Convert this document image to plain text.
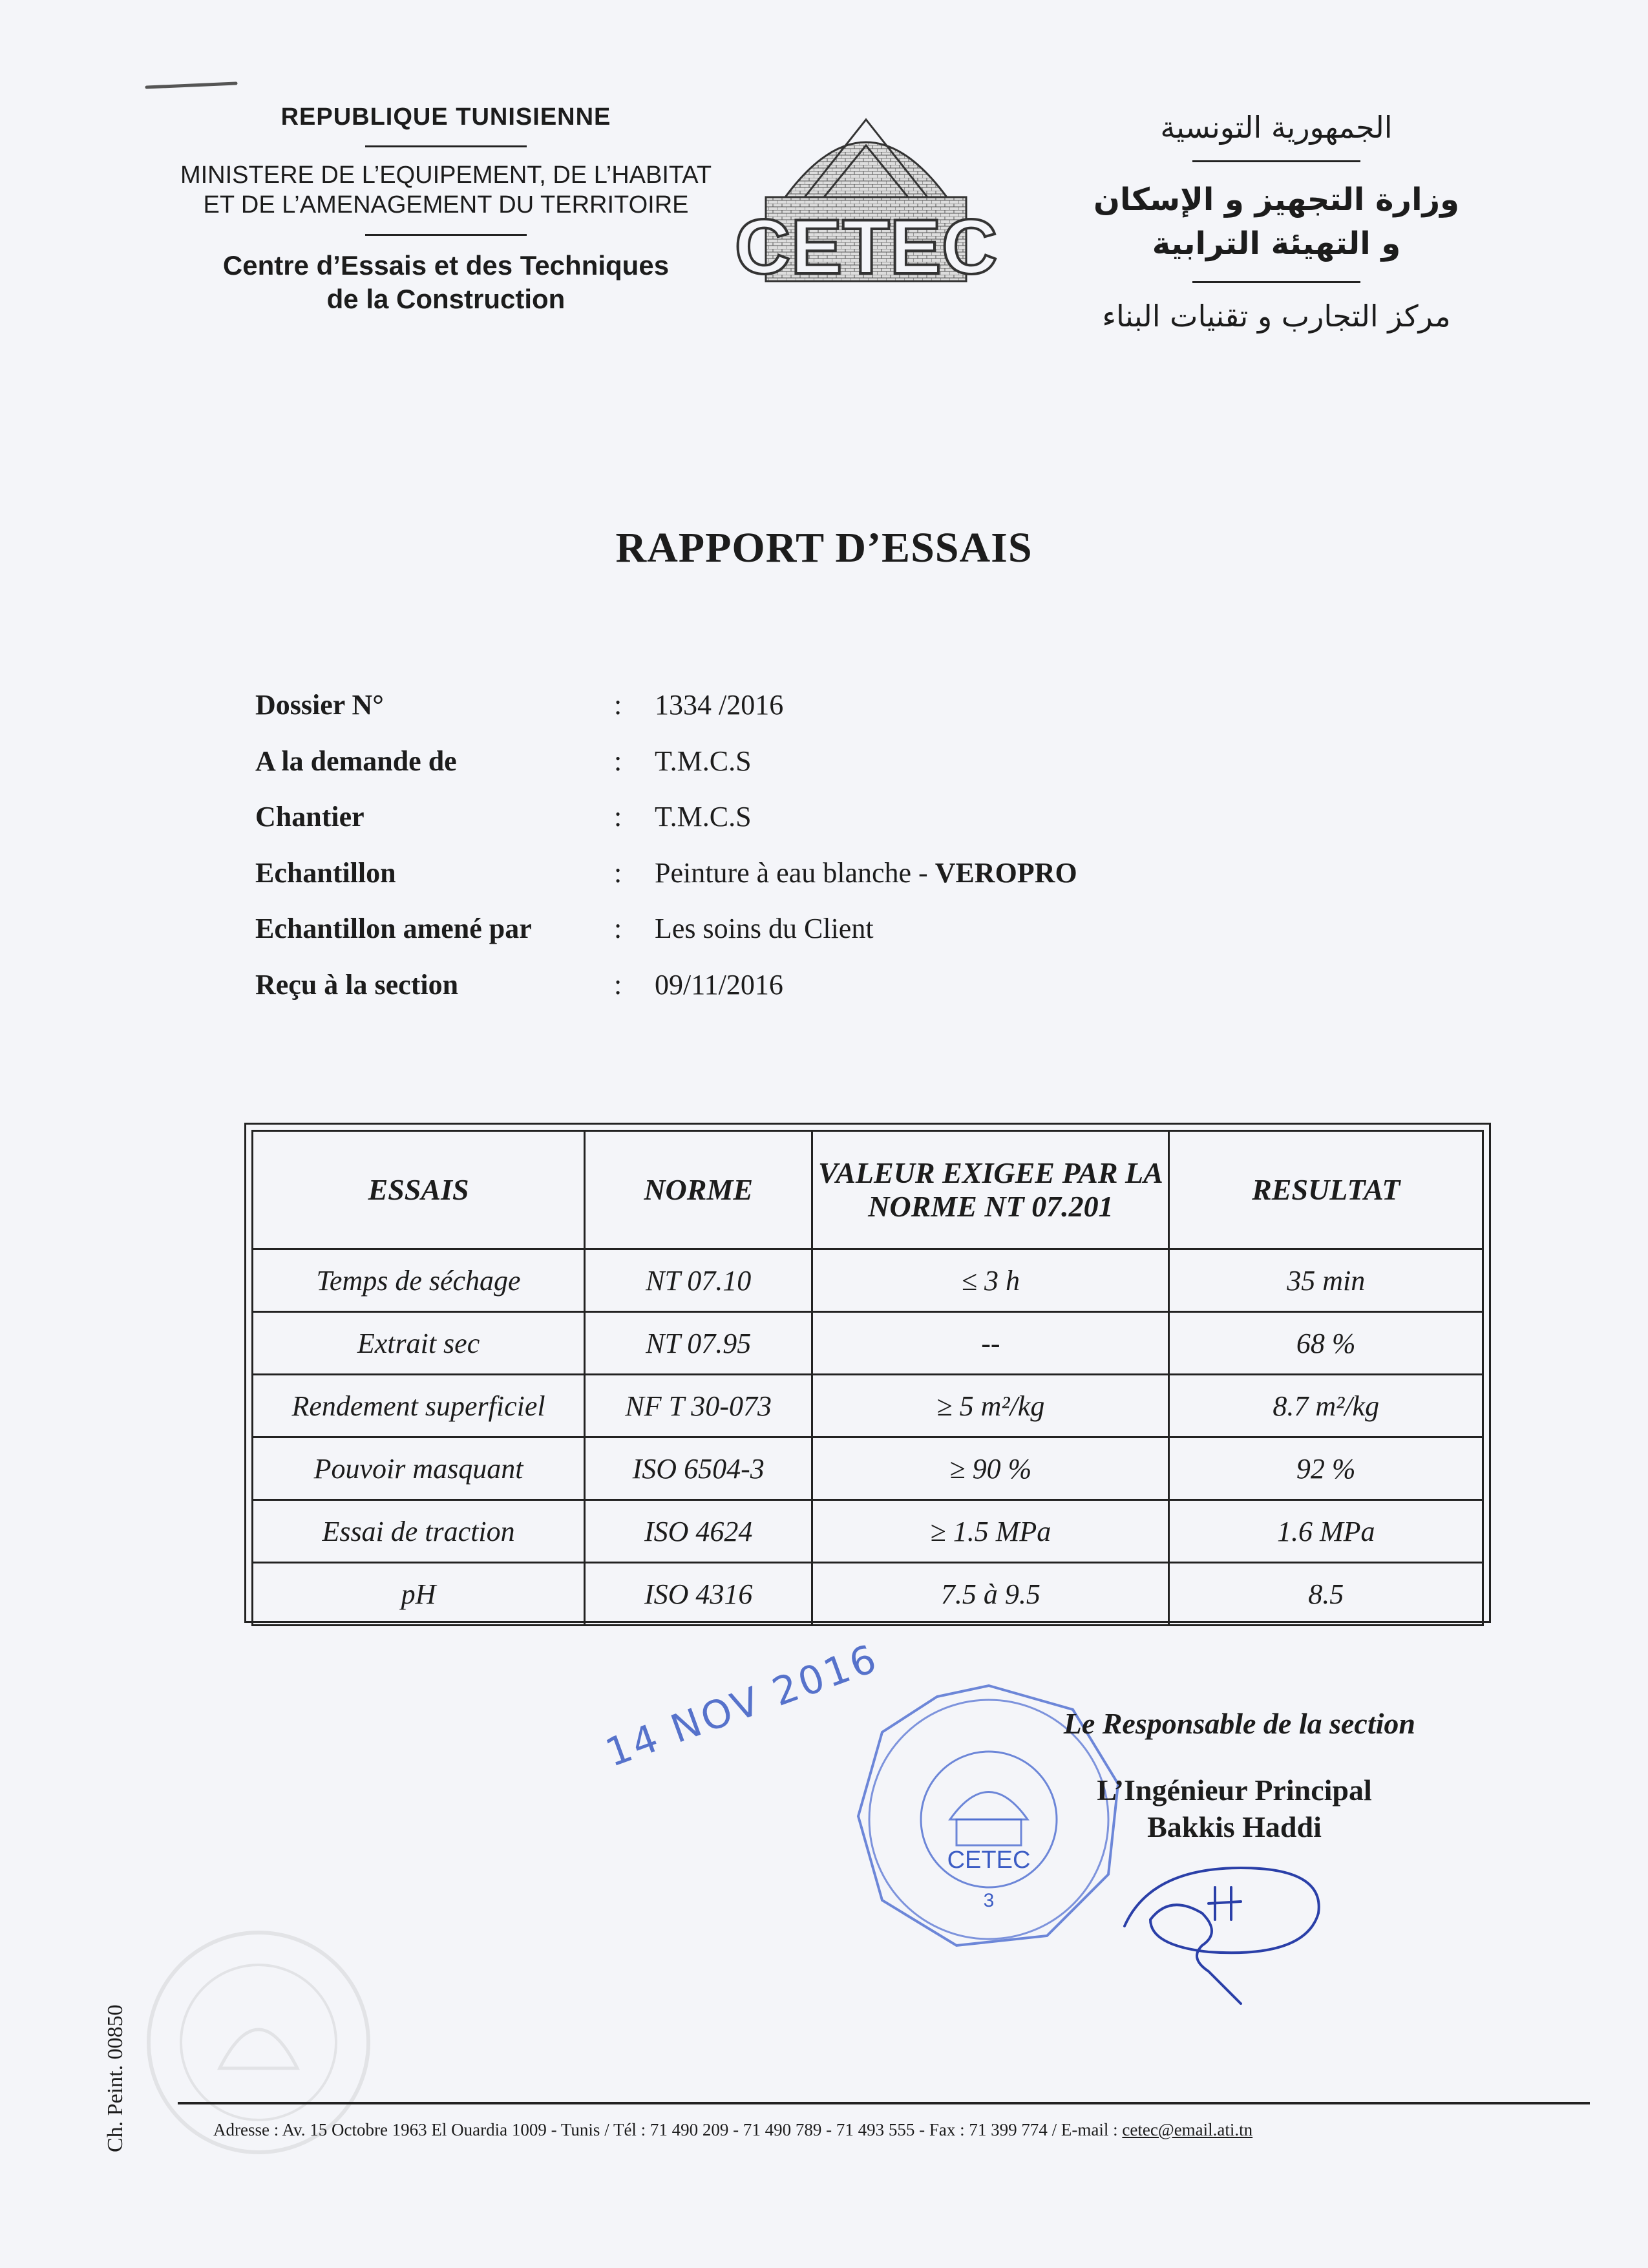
REPUBLIQUE TUNISIENNE
MINISTERE DE L’EQUIPEMENT, DE L’HABITAT
ET DE L’AMENAGEMENT DU TERRITOIRE
Centre d’Essais et des Techniques
de la Construction
CETEC
الجمهورية التونسية
وزارة التجهيز و الإسكان
و التهيئة الترابية
مركز التجارب و تقنيات البناء
RAPPORT D’ESSAIS
Dossier N°	: 1334 /2016
A la demande de	: T.M.C.S
Chantier	: T.M.C.S
Echantillon	: Peinture à eau blanche - VEROPRO
Echantillon amené par	: Les soins du Client
Reçu à la section	: 09/11/2016
ESSAIS	NORME	VALEUR EXIGEE PAR LA NORME NT 07.201	RESULTAT
Temps de séchage	NT 07.10	≤ 3 h	35 min
Extrait sec	NT 07.95	--	68 %
Rendement superficiel	NF T 30-073	≥ 5 m²/kg	8.7 m²/kg
Pouvoir masquant	ISO 6504-3	≥ 90 %	92 %
Essai de traction	ISO 4624	≥ 1.5 MPa	1.6 MPa
pH	ISO 4316	7.5 à 9.5	8.5
14 NOV 2016
CETEC
3
Le Responsable de la section
L’Ingénieur Principal
Bakkis Haddi
Adresse : Av. 15 Octobre 1963 El Ouardia 1009 - Tunis / Tél : 71 490 209 - 71 490 789 - 71 493 555 - Fax : 71 399 774 / E-mail : cetec@email.ati.tn
Ch. Peint. 00850
